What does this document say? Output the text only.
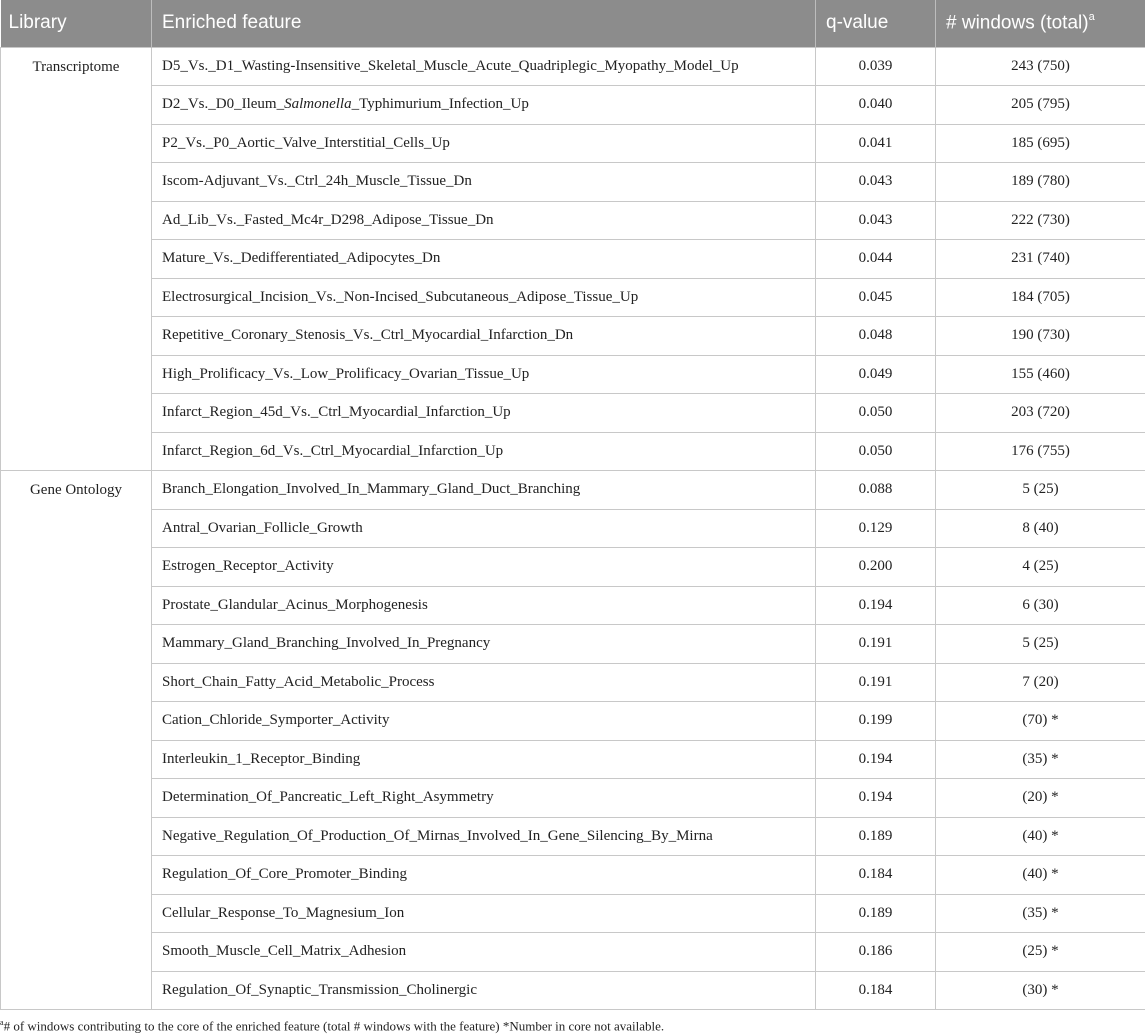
Library	Enriched feature	q-value	# windows (total)$^a$
Transcriptome	D5_Vs._D1_Wasting-Insensitive_Skeletal_Muscle_Acute_Quadriplegic_Myopathy_Model_Up	0.039	243 (750)
	D2_Vs._D0_Ileum_Salmonella_Typhimurium_Infection_Up	0.040	205 (795)
	P2_Vs._P0_Aortic_Valve_Interstitial_Cells_Up	0.041	185 (695)
	Iscom-Adjuvant_Vs._Ctrl_24h_Muscle_Tissue_Dn	0.043	189 (780)
	Ad_Lib_Vs._Fasted_Mc4r_D298_Adipose_Tissue_Dn	0.043	222 (730)
	Mature_Vs._Dedifferentiated_Adipocytes_Dn	0.044	231 (740)
	Electrosurgical_Incision_Vs._Non-Incised_Subcutaneous_Adipose_Tissue_Up	0.045	184 (705)
	Repetitive_Coronary_Stenosis_Vs._Ctrl_Myocardial_Infarction_Dn	0.048	190 (730)
	High_Prolificacy_Vs._Low_Prolificacy_Ovarian_Tissue_Up	0.049	155 (460)
	Infarct_Region_45d_Vs._Ctrl_Myocardial_Infarction_Up	0.050	203 (720)
	Infarct_Region_6d_Vs._Ctrl_Myocardial_Infarction_Up	0.050	176 (755)
Gene Ontology	Branch_Elongation_Involved_In_Mammary_Gland_Duct_Branching	0.088	5 (25)
	Antral_Ovarian_Follicle_Growth	0.129	8 (40)
	Estrogen_Receptor_Activity	0.200	4 (25)
	Prostate_Glandular_Acinus_Morphogenesis	0.194	6 (30)
	Mammary_Gland_Branching_Involved_In_Pregnancy	0.191	5 (25)
	Short_Chain_Fatty_Acid_Metabolic_Process	0.191	7 (20)
	Cation_Chloride_Symporter_Activity	0.199	(70) *
	Interleukin_1_Receptor_Binding	0.194	(35) *
	Determination_Of_Pancreatic_Left_Right_Asymmetry	0.194	(20) *
	Negative_Regulation_Of_Production_Of_Mirnas_Involved_In_Gene_Silencing_By_Mirna	0.189	(40) *
	Regulation_Of_Core_Promoter_Binding	0.184	(40) *
	Cellular_Response_To_Magnesium_Ion	0.189	(35) *
	Smooth_Muscle_Cell_Matrix_Adhesion	0.186	(25) *
	Regulation_Of_Synaptic_Transmission_Cholinergic	0.184	(30) *
$^a$# of windows contributing to the core of the enriched feature (total # windows with the feature) *Number in core not available.
